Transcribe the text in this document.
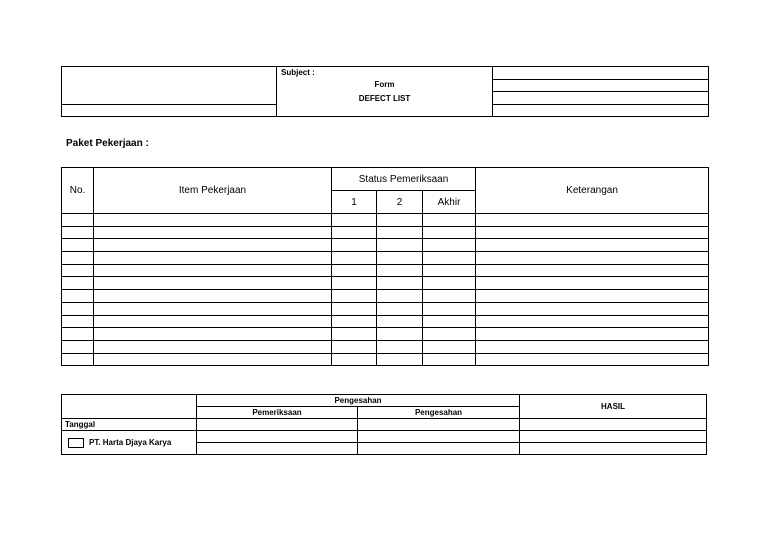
	Subject :
Form
DEFECT LIST	

Paket Pekerjaan :
No.	Item Pekerjaan	Status Pemeriksaan			Keterangan
		1	2	Akhir	

	Pengesahan		HASIL
	Pemeriksaan	Pengesahan	
Tanggal			
PT. Harta Djaya Karya			
